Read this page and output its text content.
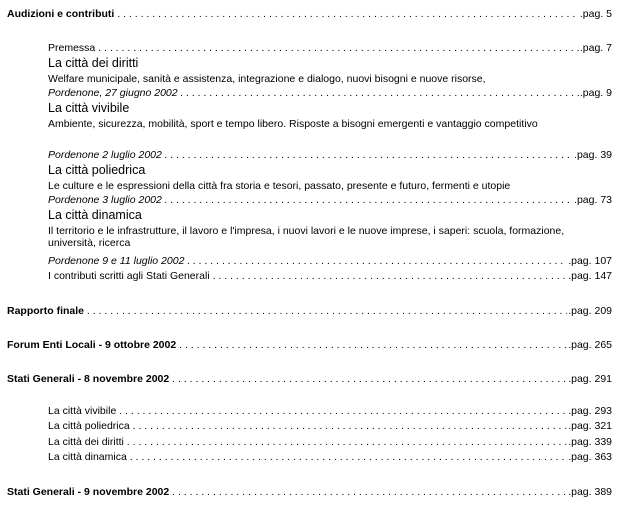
Audizioni e contributi	.pag. 5
. . .
Premessa	.pag. 7
. . .
La città dei diritti
Welfare municipale, sanità e assistenza, integrazione e dialogo, nuovi bisogni e nuove risorse,
Pordenone, 27 giugno 2002	.pag. 9
. . .
La città vivibile
Ambiente, sicurezza, mobilità, sport e tempo libero. Risposte a bisogni emergenti e vantaggio competitivo
Pordenone 2 luglio 2002	.pag. 39
. . .
La città poliedrica
Le culture e le espressioni della città fra storia e tesori, passato, presente e futuro, fermenti e utopie
Pordenone 3 luglio 2002	.pag. 73
. . .
La città dinamica
Il territorio e le infrastrutture, il lavoro e l'impresa, i nuovi lavori e le nuove imprese, i saperi: scuola, formazione, università, ricerca
Pordenone 9 e 11 luglio 2002	.pag. 107
. . .
I contributi scritti agli Stati Generali	.pag. 147
. . .
Rapporto finale	.pag. 209
. . .
Forum Enti Locali - 9 ottobre 2002	.pag. 265
. . .
Stati Generali - 8 novembre 2002	.pag. 291
. . .
La città vivibile	.pag. 293
. . .
La città poliedrica	.pag. 321
. . .
La città dei diritti	.pag. 339
. . .
La città dinamica	.pag. 363
. . .
Stati Generali - 9 novembre 2002	.pag. 389
. . .
